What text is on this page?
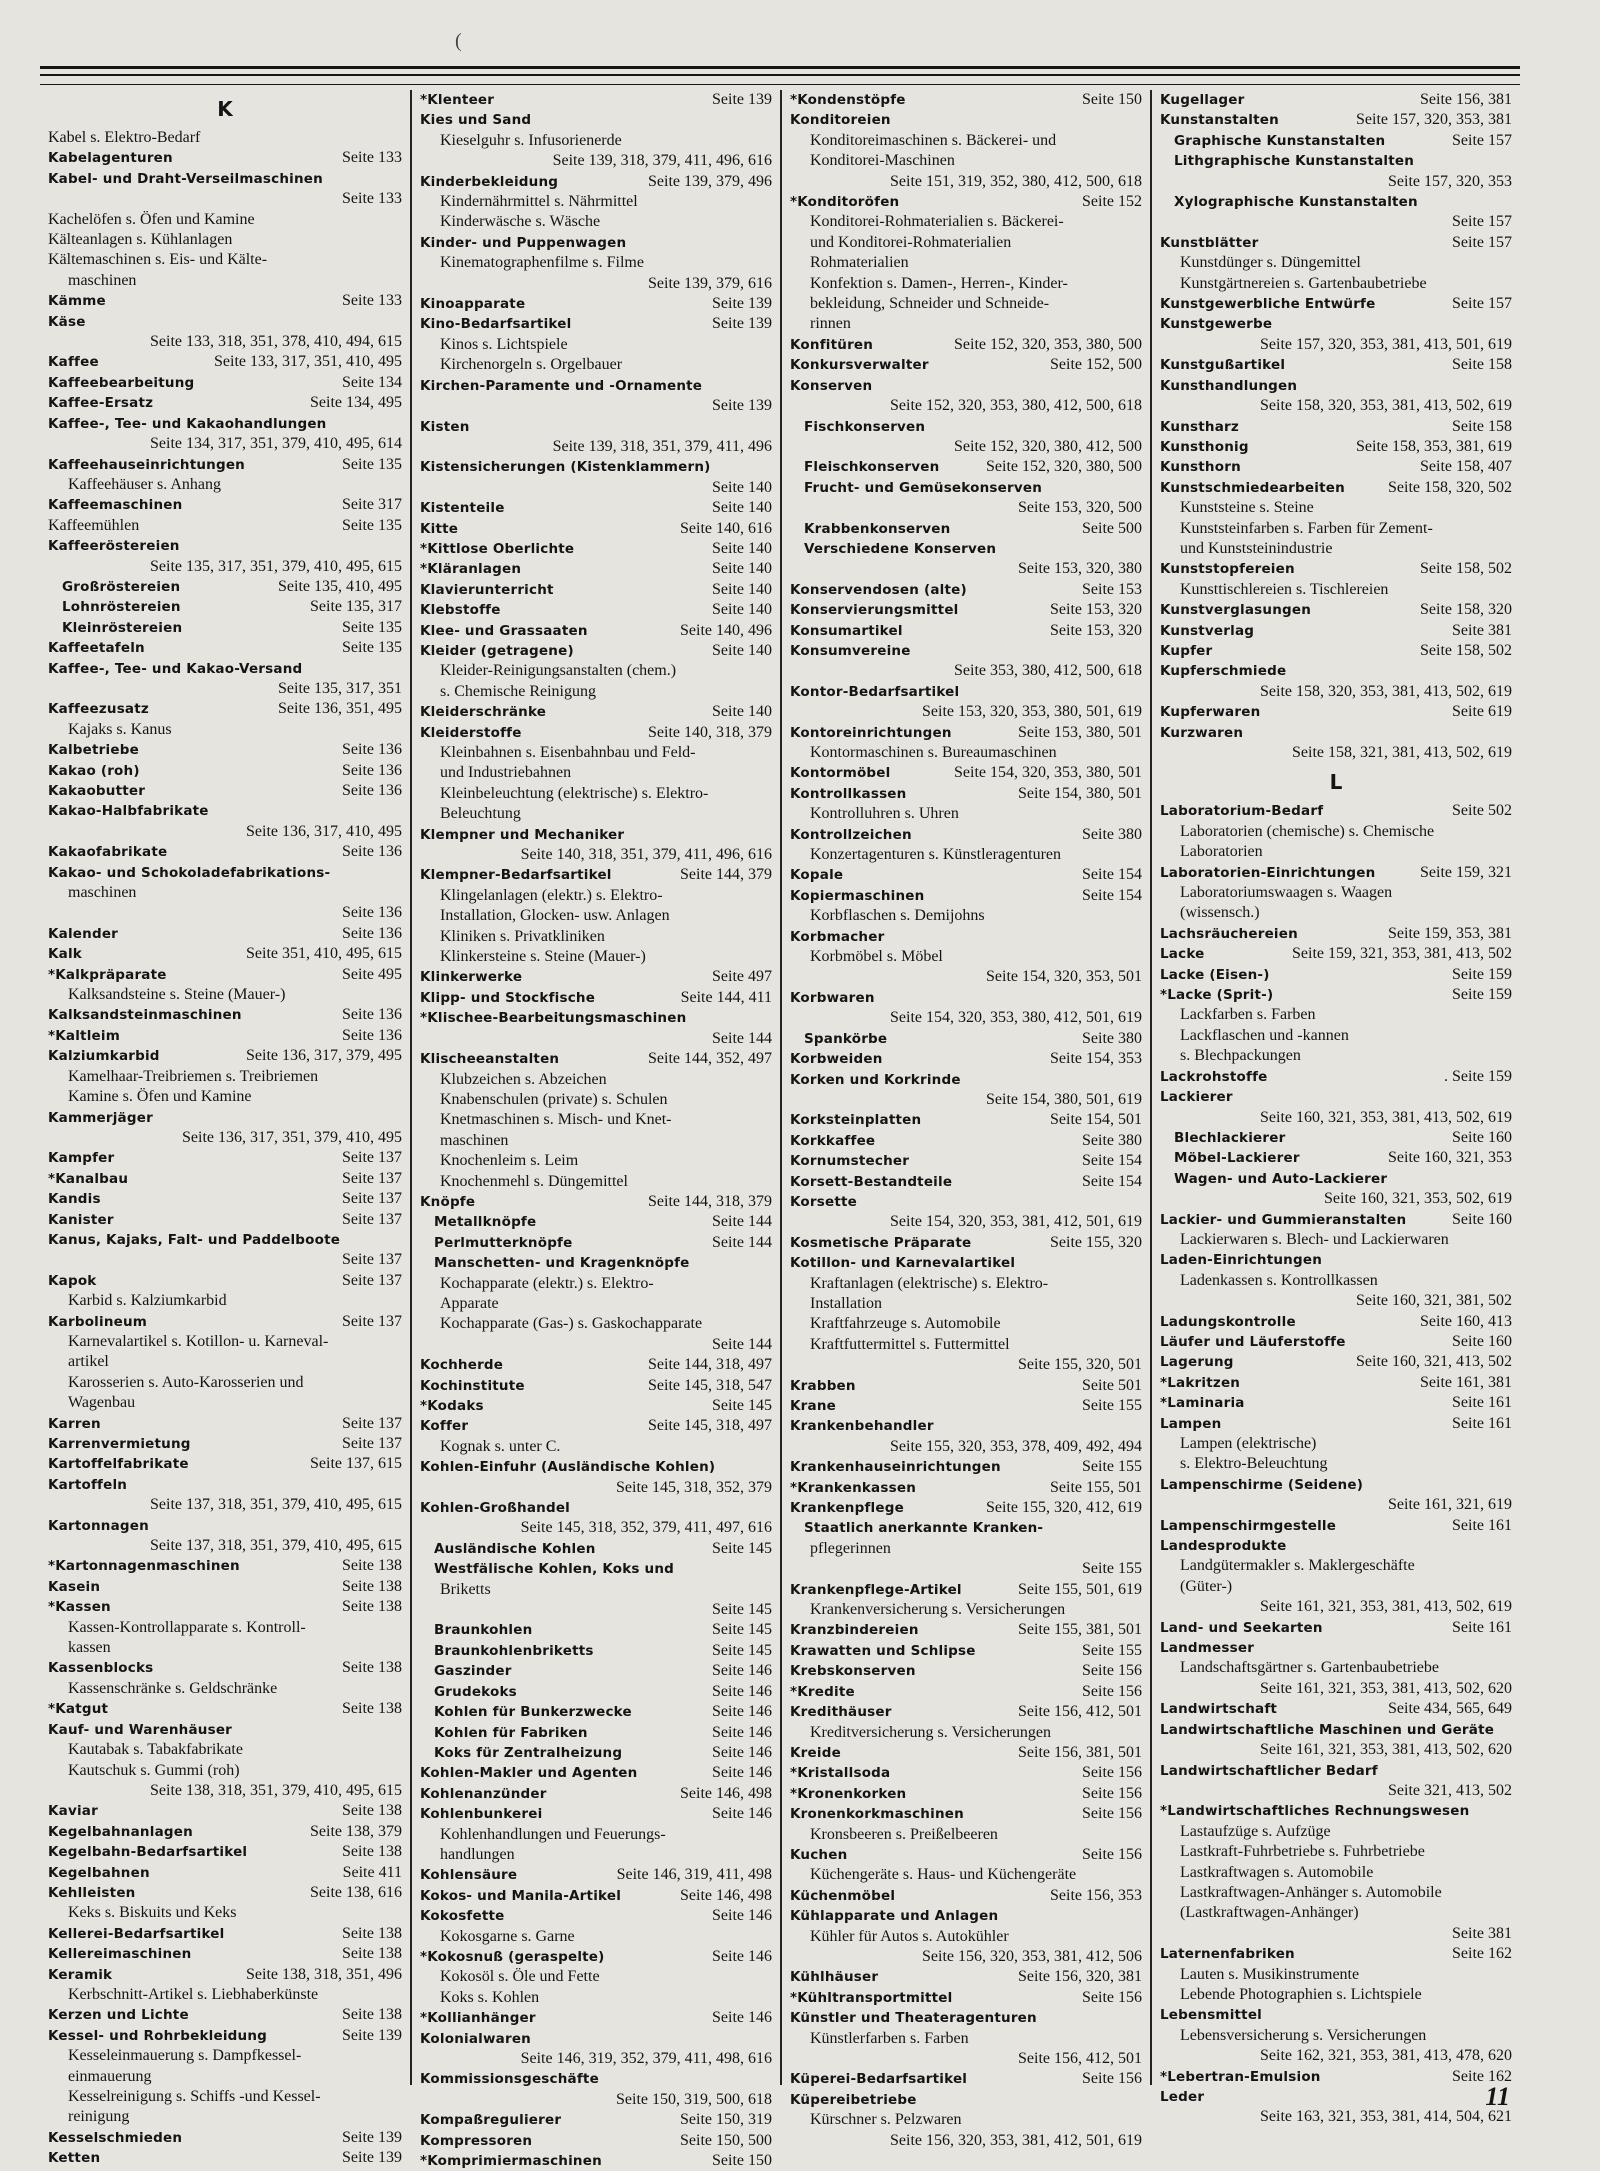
(
K
Kabel s. Elektro-Bedarf
Kabelagenturen	Seite 133
Kabel- und Draht-Verseilmaschinen
Seite 133
Kachelöfen s. Öfen und Kamine
Kälteanlagen s. Kühlanlagen
Kältemaschinen s. Eis- und Kälte-
maschinen
Kämme	Seite 133
Käse
Seite 133, 318, 351, 378, 410, 494, 615
Kaffee	Seite 133, 317, 351, 410, 495
Kaffeebearbeitung	Seite 134
Kaffee-Ersatz	Seite 134, 495
Kaffee-, Tee- und Kakaohandlungen
Seite 134, 317, 351, 379, 410, 495, 614
Kaffeehauseinrichtungen	Seite 135
Kaffeehäuser s. Anhang
Kaffeemaschinen	Seite 317
Kaffeemühlen	Seite 135
Kaffeeröstereien
Seite 135, 317, 351, 379, 410, 495, 615
Großröstereien	Seite 135, 410, 495
Lohnröstereien	Seite 135, 317
Kleinröstereien	Seite 135
Kaffeetafeln	Seite 135
Kaffee-, Tee- und Kakao-Versand
Seite 135, 317, 351
Kaffeezusatz	Seite 136, 351, 495
Kajaks s. Kanus
Kalbetriebe	Seite 136
Kakao (roh)	Seite 136
Kakaobutter	Seite 136
Kakao-Halbfabrikate
Seite 136, 317, 410, 495
Kakaofabrikate	Seite 136
Kakao- und Schokoladefabrikations-
maschinen
Seite 136
Kalender	Seite 136
Kalk	Seite 351, 410, 495, 615
*Kalkpräparate	Seite 495
Kalksandsteine s. Steine (Mauer-)
Kalksandsteinmaschinen	Seite 136
*Kaltleim	Seite 136
Kalziumkarbid	Seite 136, 317, 379, 495
Kamelhaar-Treibriemen s. Treibriemen
Kamine s. Öfen und Kamine
Kammerjäger
Seite 136, 317, 351, 379, 410, 495
Kampfer	Seite 137
*Kanalbau	Seite 137
Kandis	Seite 137
Kanister	Seite 137
Kanus, Kajaks, Falt- und Paddelboote
Seite 137
Kapok	Seite 137
Karbid s. Kalziumkarbid
Karbolineum	Seite 137
Karnevalartikel s. Kotillon- u. Karneval-
artikel
Karosserien s. Auto-Karosserien und
Wagenbau
Karren	Seite 137
Karrenvermietung	Seite 137
Kartoffelfabrikate	Seite 137, 615
Kartoffeln
Seite 137, 318, 351, 379, 410, 495, 615
Kartonnagen
Seite 137, 318, 351, 379, 410, 495, 615
*Kartonnagenmaschinen	Seite 138
Kasein	Seite 138
*Kassen	Seite 138
Kassen-Kontrollapparate s. Kontroll-
kassen
Kassenblocks	Seite 138
Kassenschränke s. Geldschränke
*Katgut	Seite 138
Kauf- und Warenhäuser
Kautabak s. Tabakfabrikate
Kautschuk s. Gummi (roh)
Seite 138, 318, 351, 379, 410, 495, 615
Kaviar	Seite 138
Kegelbahnanlagen	Seite 138, 379
Kegelbahn-Bedarfsartikel	Seite 138
Kegelbahnen	Seite 411
Kehlleisten	Seite 138, 616
Keks s. Biskuits und Keks
Kellerei-Bedarfsartikel	Seite 138
Kellereimaschinen	Seite 138
Keramik	Seite 138, 318, 351, 496
Kerbschnitt-Artikel s. Liebhaberkünste
Kerzen und Lichte	Seite 138
Kessel- und Rohrbekleidung	Seite 139
Kesseleinmauerung s. Dampfkessel-
einmauerung
Kesselreinigung s. Schiffs -und Kessel-
reinigung
Kesselschmieden	Seite 139
Ketten	Seite 139
*Klenteer	Seite 139
Kies und Sand
Kieselguhr s. Infusorienerde
Seite 139, 318, 379, 411, 496, 616
Kinderbekleidung	Seite 139, 379, 496
Kindernährmittel s. Nährmittel
Kinderwäsche s. Wäsche
Kinder- und Puppenwagen
Kinematographenfilme s. Filme
Seite 139, 379, 616
Kinoapparate	Seite 139
Kino-Bedarfsartikel	Seite 139
Kinos s. Lichtspiele
Kirchenorgeln s. Orgelbauer
Kirchen-Paramente und -Ornamente
Seite 139
Kisten
Seite 139, 318, 351, 379, 411, 496
Kistensicherungen (Kistenklammern)
Seite 140
Kistenteile	Seite 140
Kitte	Seite 140, 616
*Kittlose Oberlichte	Seite 140
*Kläranlagen	Seite 140
Klavierunterricht	Seite 140
Klebstoffe	Seite 140
Klee- und Grassaaten	Seite 140, 496
Kleider (getragene)	Seite 140
Kleider-Reinigungsanstalten (chem.)
s. Chemische Reinigung
Kleiderschränke	Seite 140
Kleiderstoffe	Seite 140, 318, 379
Kleinbahnen s. Eisenbahnbau und Feld-
und Industriebahnen
Kleinbeleuchtung (elektrische) s. Elektro-
Beleuchtung
Klempner und Mechaniker
Seite 140, 318, 351, 379, 411, 496, 616
Klempner-Bedarfsartikel	Seite 144, 379
Klingelanlagen (elektr.) s. Elektro-
Installation, Glocken- usw. Anlagen
Kliniken s. Privatkliniken
Klinkersteine s. Steine (Mauer-)
Klinkerwerke	Seite 497
Klipp- und Stockfische	Seite 144, 411
*Klischee-Bearbeitungsmaschinen
Seite 144
Klischeeanstalten	Seite 144, 352, 497
Klubzeichen s. Abzeichen
Knabenschulen (private) s. Schulen
Knetmaschinen s. Misch- und Knet-
maschinen
Knochenleim s. Leim
Knochenmehl s. Düngemittel
Knöpfe	Seite 144, 318, 379
Metallknöpfe	Seite 144
Perlmutterknöpfe	Seite 144
Manschetten- und Kragenknöpfe
Kochapparate (elektr.) s. Elektro-
Apparate
Kochapparate (Gas-) s. Gaskochapparate
Seite 144
Kochherde	Seite 144, 318, 497
Kochinstitute	Seite 145, 318, 547
*Kodaks	Seite 145
Koffer	Seite 145, 318, 497
Kognak s. unter C.
Kohlen-Einfuhr (Ausländische Kohlen)
Seite 145, 318, 352, 379
Kohlen-Großhandel
Seite 145, 318, 352, 379, 411, 497, 616
Ausländische Kohlen	Seite 145
Westfälische Kohlen, Koks und
Briketts
Seite 145
Braunkohlen	Seite 145
Braunkohlenbriketts	Seite 145
Gaszinder	Seite 146
Grudekoks	Seite 146
Kohlen für Bunkerzwecke	Seite 146
Kohlen für Fabriken	Seite 146
Koks für Zentralheizung	Seite 146
Kohlen-Makler und Agenten	Seite 146
Kohlenanzünder	Seite 146, 498
Kohlenbunkerei	Seite 146
Kohlenhandlungen und Feuerungs-
handlungen
Kohlensäure	Seite 146, 319, 411, 498
Kokos- und Manila-Artikel	Seite 146, 498
Kokosfette	Seite 146
Kokosgarne s. Garne
*Kokosnuß (geraspelte)	Seite 146
Kokosöl s. Öle und Fette
Koks s. Kohlen
*Kollianhänger	Seite 146
Kolonialwaren
Seite 146, 319, 352, 379, 411, 498, 616
Kommissionsgeschäfte
Seite 150, 319, 500, 618
Kompaßregulierer	Seite 150, 319
Kompressoren	Seite 150, 500
*Komprimiermaschinen	Seite 150
*Kondenstöpfe	Seite 150
Konditoreien
Konditoreimaschinen s. Bäckerei- und
Konditorei-Maschinen
Seite 151, 319, 352, 380, 412, 500, 618
*Konditoröfen	Seite 152
Konditorei-Rohmaterialien s. Bäckerei-
und Konditorei-Rohmaterialien
Rohmaterialien
Konfektion s. Damen-, Herren-, Kinder-
bekleidung, Schneider und Schneide-
rinnen
Konfitüren	Seite 152, 320, 353, 380, 500
Konkursverwalter	Seite 152, 500
Konserven
Seite 152, 320, 353, 380, 412, 500, 618
Fischkonserven
Seite 152, 320, 380, 412, 500
Fleischkonserven	Seite 152, 320, 380, 500
Frucht- und Gemüsekonserven
Seite 153, 320, 500
Krabbenkonserven	Seite 500
Verschiedene Konserven
Seite 153, 320, 380
Konservendosen (alte)	Seite 153
Konservierungsmittel	Seite 153, 320
Konsumartikel	Seite 153, 320
Konsumvereine
Seite 353, 380, 412, 500, 618
Kontor-Bedarfsartikel
Seite 153, 320, 353, 380, 501, 619
Kontoreinrichtungen	Seite 153, 380, 501
Kontormaschinen s. Bureaumaschinen
Kontormöbel	Seite 154, 320, 353, 380, 501
Kontrollkassen	Seite 154, 380, 501
Kontrolluhren s. Uhren
Kontrollzeichen	Seite 380
Konzertagenturen s. Künstleragenturen
Kopale	Seite 154
Kopiermaschinen	Seite 154
Korbflaschen s. Demijohns
Korbmacher
Korbmöbel s. Möbel
Seite 154, 320, 353, 501
Korbwaren
Seite 154, 320, 353, 380, 412, 501, 619
Spankörbe	Seite 380
Korbweiden	Seite 154, 353
Korken und Korkrinde
Seite 154, 380, 501, 619
Korksteinplatten	Seite 154, 501
Korkkaffee	Seite 380
Kornumstecher	Seite 154
Korsett-Bestandteile	Seite 154
Korsette
Seite 154, 320, 353, 381, 412, 501, 619
Kosmetische Präparate	Seite 155, 320
Kotillon- und Karnevalartikel
Kraftanlagen (elektrische) s. Elektro-
Installation
Kraftfahrzeuge s. Automobile
Kraftfuttermittel s. Futtermittel
Seite 155, 320, 501
Krabben	Seite 501
Krane	Seite 155
Krankenbehandler
Seite 155, 320, 353, 378, 409, 492, 494
Krankenhauseinrichtungen	Seite 155
*Krankenkassen	Seite 155, 501
Krankenpflege	Seite 155, 320, 412, 619
Staatlich anerkannte Kranken-
pflegerinnen
Seite 155
Krankenpflege-Artikel	Seite 155, 501, 619
Krankenversicherung s. Versicherungen
Kranzbindereien	Seite 155, 381, 501
Krawatten und Schlipse	Seite 155
Krebskonserven	Seite 156
*Kredite	Seite 156
Kredithäuser	Seite 156, 412, 501
Kreditversicherung s. Versicherungen
Kreide	Seite 156, 381, 501
*Kristallsoda	Seite 156
*Kronenkorken	Seite 156
Kronenkorkmaschinen	Seite 156
Kronsbeeren s. Preißelbeeren
Kuchen	Seite 156
Küchengeräte s. Haus- und Küchengeräte
Küchenmöbel	Seite 156, 353
Kühlapparate und Anlagen
Kühler für Autos s. Autokühler
Seite 156, 320, 353, 381, 412, 506
Kühlhäuser	Seite 156, 320, 381
*Kühltransportmittel	Seite 156
Künstler und Theateragenturen
Künstlerfarben s. Farben
Seite 156, 412, 501
Küperei-Bedarfsartikel	Seite 156
Küpereibetriebe
Kürschner s. Pelzwaren
Seite 156, 320, 353, 381, 412, 501, 619
Kugellager	Seite 156, 381
Kunstanstalten	Seite 157, 320, 353, 381
Graphische Kunstanstalten	Seite 157
Lithgraphische Kunstanstalten
Seite 157, 320, 353
Xylographische Kunstanstalten
Seite 157
Kunstblätter	Seite 157
Kunstdünger s. Düngemittel
Kunstgärtnereien s. Gartenbaubetriebe
Kunstgewerbliche Entwürfe	Seite 157
Kunstgewerbe
Seite 157, 320, 353, 381, 413, 501, 619
Kunstgußartikel	Seite 158
Kunsthandlungen
Seite 158, 320, 353, 381, 413, 502, 619
Kunstharz	Seite 158
Kunsthonig	Seite 158, 353, 381, 619
Kunsthorn	Seite 158, 407
Kunstschmiedearbeiten	Seite 158, 320, 502
Kunststeine s. Steine
Kunststeinfarben s. Farben für Zement-
und Kunststeinindustrie
Kunststopfereien	Seite 158, 502
Kunsttischlereien s. Tischlereien
Kunstverglasungen	Seite 158, 320
Kunstverlag	Seite 381
Kupfer	Seite 158, 502
Kupferschmiede
Seite 158, 320, 353, 381, 413, 502, 619
Kupferwaren	Seite 619
Kurzwaren
Seite 158, 321, 381, 413, 502, 619
L
Laboratorium-Bedarf	Seite 502
Laboratorien (chemische) s. Chemische
Laboratorien
Laboratorien-Einrichtungen	Seite 159, 321
Laboratoriumswaagen s. Waagen
(wissensch.)
Lachsräuchereien	Seite 159, 353, 381
Lacke	Seite 159, 321, 353, 381, 413, 502
Lacke (Eisen-)	Seite 159
*Lacke (Sprit-)	Seite 159
Lackfarben s. Farben
Lackflaschen und -kannen
s. Blechpackungen
Lackrohstoffe	. Seite 159
Lackierer
Seite 160, 321, 353, 381, 413, 502, 619
Blechlackierer	Seite 160
Möbel-Lackierer	Seite 160, 321, 353
Wagen- und Auto-Lackierer
Seite 160, 321, 353, 502, 619
Lackier- und Gummieranstalten	Seite 160
Lackierwaren s. Blech- und Lackierwaren
Laden-Einrichtungen
Ladenkassen s. Kontrollkassen
Seite 160, 321, 381, 502
Ladungskontrolle	Seite 160, 413
Läufer und Läuferstoffe	Seite 160
Lagerung	Seite 160, 321, 413, 502
*Lakritzen	Seite 161, 381
*Laminaria	Seite 161
Lampen	Seite 161
Lampen (elektrische)
s. Elektro-Beleuchtung
Lampenschirme (Seidene)
Seite 161, 321, 619
Lampenschirmgestelle	Seite 161
Landesprodukte
Landgütermakler s. Maklergeschäfte
(Güter-)
Seite 161, 321, 353, 381, 413, 502, 619
Land- und Seekarten	Seite 161
Landmesser
Landschaftsgärtner s. Gartenbaubetriebe
Seite 161, 321, 353, 381, 413, 502, 620
Landwirtschaft	Seite 434, 565, 649
Landwirtschaftliche Maschinen und Geräte
Seite 161, 321, 353, 381, 413, 502, 620
Landwirtschaftlicher Bedarf
Seite 321, 413, 502
*Landwirtschaftliches Rechnungswesen
Lastaufzüge s. Aufzüge
Lastkraft-Fuhrbetriebe s. Fuhrbetriebe
Lastkraftwagen s. Automobile
Lastkraftwagen-Anhänger s. Automobile
(Lastkraftwagen-Anhänger)
Seite 381
Laternenfabriken	Seite 162
Lauten s. Musikinstrumente
Lebende Photographien s. Lichtspiele
Lebensmittel
Lebensversicherung s. Versicherungen
Seite 162, 321, 353, 381, 413, 478, 620
*Lebertran-Emulsion	Seite 162
Leder
Seite 163, 321, 353, 381, 414, 504, 621
11
